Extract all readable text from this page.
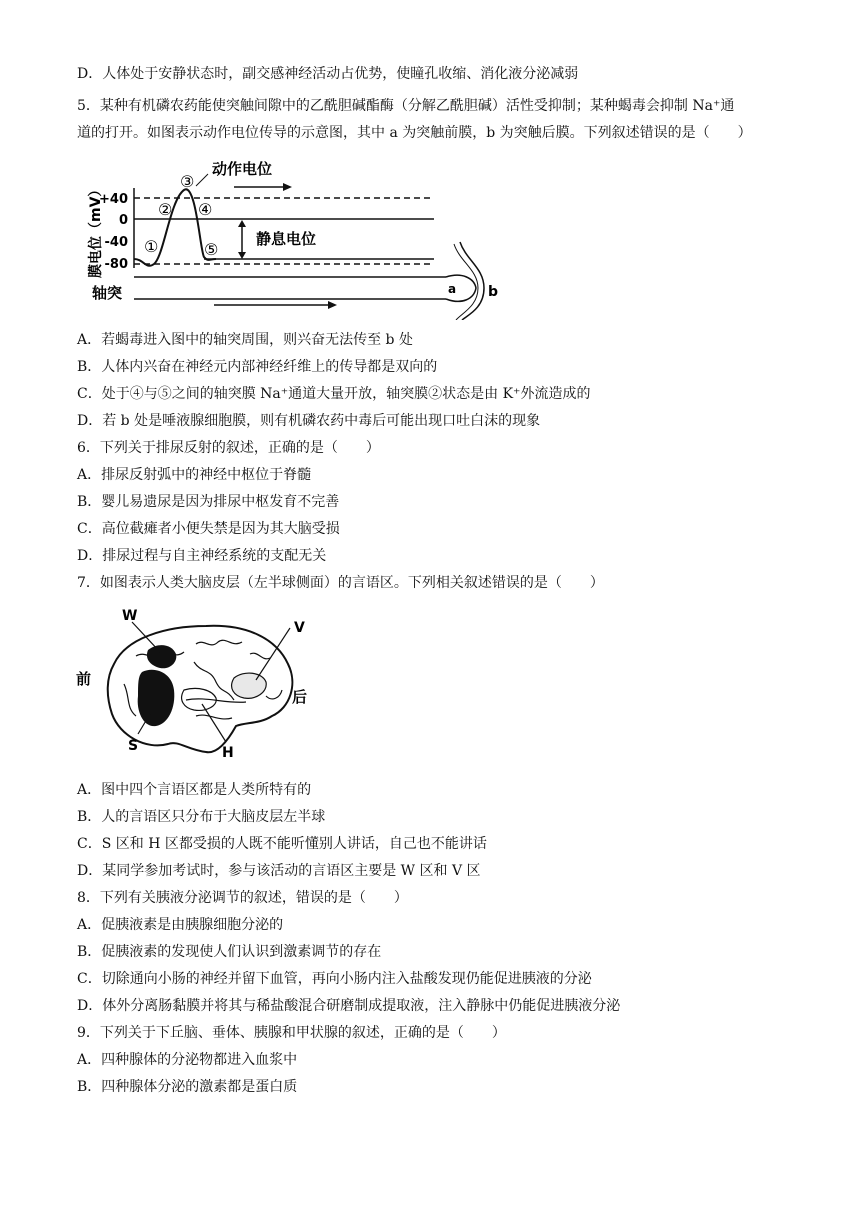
D．人体处于安静状态时，副交感神经活动占优势，使瞳孔收缩、消化液分泌减弱
5．某种有机磷农药能使突触间隙中的乙酰胆碱酯酶（分解乙酰胆碱）活性受抑制；某种蝎毒会抑制 Na⁺通
道的打开。如图表示动作电位传导的示意图，其中 a 为突触前膜，b 为突触后膜。下列叙述错误的是（　　）
+40
0
-40
-80
膜电位（mV）
动作电位
静息电位
轴突
①
②
③
④
⑤
a b
A．若蝎毒进入图中的轴突周围，则兴奋无法传至 b 处
B．人体内兴奋在神经元内部神经纤维上的传导都是双向的
C．处于④与⑤之间的轴突膜 Na⁺通道大量开放，轴突膜②状态是由 K⁺外流造成的
D．若 b 处是唾液腺细胞膜，则有机磷农药中毒后可能出现口吐白沫的现象
6．下列关于排尿反射的叙述，正确的是（　　）
A．排尿反射弧中的神经中枢位于脊髓
B．婴儿易遗尿是因为排尿中枢发育不完善
C．高位截瘫者小便失禁是因为其大脑受损
D．排尿过程与自主神经系统的支配无关
7．如图表示人类大脑皮层（左半球侧面）的言语区。下列相关叙述错误的是（　　）
W
V
S	H
前
后
A．图中四个言语区都是人类所特有的
B．人的言语区只分布于大脑皮层左半球
C．S 区和 H 区都受损的人既不能听懂别人讲话，自己也不能讲话
D．某同学参加考试时，参与该活动的言语区主要是 W 区和 V 区
8．下列有关胰液分泌调节的叙述，错误的是（　　）
A．促胰液素是由胰腺细胞分泌的
B．促胰液素的发现使人们认识到激素调节的存在
C．切除通向小肠的神经并留下血管，再向小肠内注入盐酸发现仍能促进胰液的分泌
D．体外分离肠黏膜并将其与稀盐酸混合研磨制成提取液，注入静脉中仍能促进胰液分泌
9．下列关于下丘脑、垂体、胰腺和甲状腺的叙述，正确的是（　　）
A．四种腺体的分泌物都进入血浆中
B．四种腺体分泌的激素都是蛋白质
